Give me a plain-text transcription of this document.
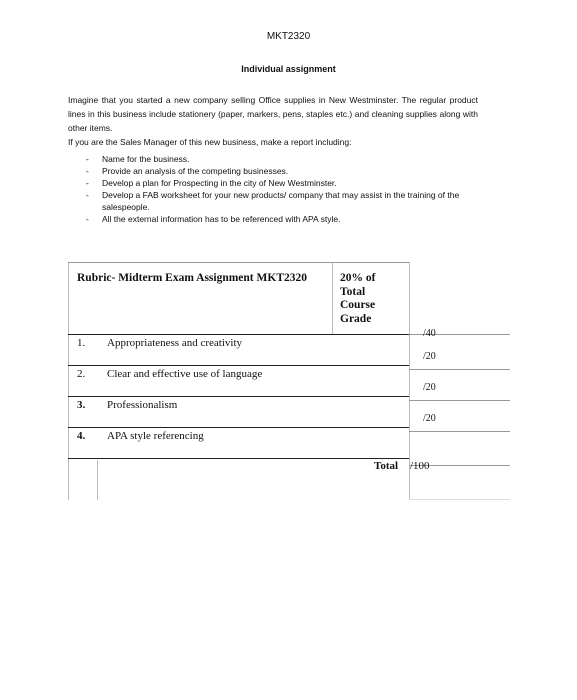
MKT2320
Individual assignment
Imagine that you started a new company selling Office supplies in New Westminster. The regular product lines in this business include stationery (paper, markers, pens, staples etc.) and cleaning supplies along with other items.
If you are the Sales Manager of this new business, make a report including:
- Name for the business.
- Provide an analysis of the competing businesses.
- Develop a plan for Prospecting in the city of New Westminster.
- Develop a FAB worksheet for your new products/ company that may assist in the training of the salespeople.
- All the external information has to be referenced with APA style.
Rubric- Midterm Exam Assignment MKT2320	20% of Total Course Grade
1. Appropriateness and creativity
/40
2. Clear and effective use of language
/20
3. Professionalism
/20
4. APA style referencing
/20
Total /100
